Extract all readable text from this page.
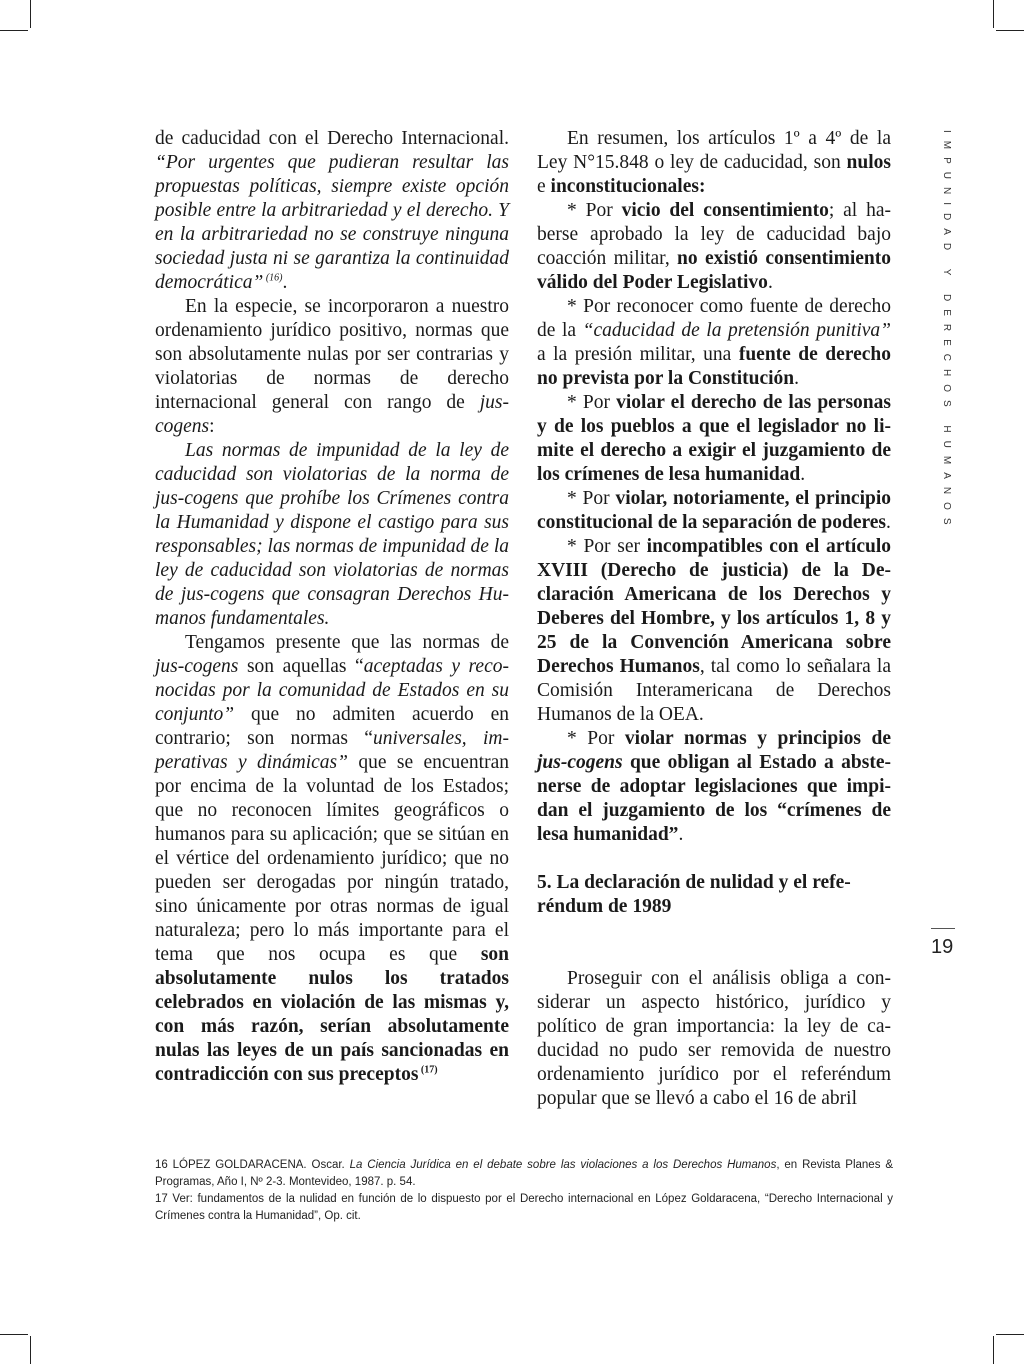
de caducidad con el Derecho Internacional. “Por urgentes que pudieran resultar las propuestas políticas, siempre existe opción posible entre la arbitrariedad y el derecho. Y en la arbitrariedad no se construye ninguna sociedad justa ni se garantiza la continuidad democrática” $^{(16)}$.

En la especie, se incorporaron a nuestro ordenamiento jurídico positivo, normas que son absolutamente nulas por ser contrarias y violatorias de normas de derecho internacional general con rango de jus-cogens:

Las normas de impunidad de la ley de caducidad son violatorias de la norma de jus-cogens que prohíbe los Crímenes contra la Humanidad y dispone el castigo para sus responsables; las normas de impunidad de la ley de caducidad son violatorias de normas de jus-cogens que consagran Derechos Humanos fundamentales.

Tengamos presente que las normas de jus-cogens son aquellas “aceptadas y reconocidas por la comunidad de Estados en su conjunto” que no admiten acuerdo en contrario; son normas “universales, imperativas y dinámicas” que se encuentran por encima de la voluntad de los Estados; que no reconocen límites geográficos o humanos para su aplicación; que se sitúan en el vértice del ordenamiento jurídico; que no pueden ser derogadas por ningún tratado, sino únicamente por otras normas de igual naturaleza; pero lo más importante para el tema que nos ocupa es que son absolutamente nulos los tratados celebrados en violación de las mismas y, con más razón, serían absolutamente nulas las leyes de un país sancionadas en contradicción con sus preceptos $^{(17)}$

En resumen, los artículos 1º a 4º de la Ley N°15.848 o ley de caducidad, son nulos e inconstitucionales:

* Por vicio del consentimiento; al haberse aprobado la ley de caducidad bajo coacción militar, no existió consentimiento válido del Poder Legislativo.

* Por reconocer como fuente de derecho de la “caducidad de la pretensión punitiva” a la presión militar, una fuente de derecho no prevista por la Constitución.

* Por violar el derecho de las personas y de los pueblos a que el legislador no limite el derecho a exigir el juzgamiento de los crímenes de lesa humanidad.

* Por violar, notoriamente, el principio constitucional de la separación de poderes.

* Por ser incompatibles con el artículo XVIII (Derecho de justicia) de la Declaración Americana de los Derechos y Deberes del Hombre, y los artículos 1, 8 y 25 de la Convención Americana sobre Derechos Humanos, tal como lo señalara la Comisión Interamericana de Derechos Humanos de la OEA.

* Por violar normas y principios de jus-cogens que obligan al Estado a abstenerse de adoptar legislaciones que impidan el juzgamiento de los “crímenes de lesa humanidad”.

5. La declaración de nulidad y el referéndum de 1989

Proseguir con el análisis obliga a considerar un aspecto histórico, jurídico y político de gran importancia: la ley de caducidad no pudo ser removida de nuestro ordenamiento jurídico por el referéndum popular que se llevó a cabo el 16 de abril

IMPUNIDAD Y DERECHOS HUMANOS
19

16 LÓPEZ GOLDARACENA. Oscar. La Ciencia Jurídica en el debate sobre las violaciones a los Derechos Humanos, en Revista Planes & Programas, Año I, Nº 2-3. Montevideo, 1987. p. 54.

17 Ver: fundamentos de la nulidad en función de lo dispuesto por el Derecho internacional en López Goldaracena, “Derecho Internacional y Crímenes contra la Humanidad”, Op. cit.
